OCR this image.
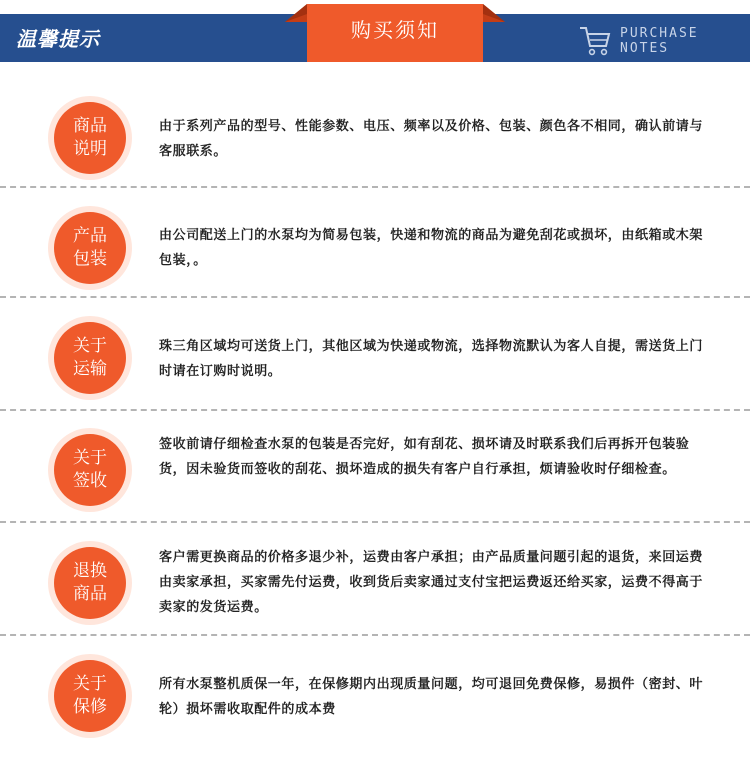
温馨提示	购买须知	PURCHASE
NOTES
商品
说明
由于系列产品的型号、性能参数、电压、频率以及价格、包装、颜色各不相同，确认前请与客服联系。
产品
包装
由公司配送上门的水泵均为简易包装，快递和物流的商品为避免刮花或损坏，由纸箱或木架包装，。
关于
运输
珠三角区域均可送货上门，其他区域为快递或物流，选择物流默认为客人自提，需送货上门时请在订购时说明。
关于
签收
签收前请仔细检查水泵的包装是否完好，如有刮花、损坏请及时联系我们后再拆开包装验货，因未验货而签收的刮花、损坏造成的损失有客户自行承担，烦请验收时仔细检查。
退换
商品
客户需更换商品的价格多退少补，运费由客户承担；由产品质量问题引起的退货，来回运费由卖家承担，买家需先付运费，收到货后卖家通过支付宝把运费返还给买家，运费不得高于卖家的发货运费。
关于
保修
所有水泵整机质保一年，在保修期内出现质量问题，均可退回免费保修，易损件（密封、叶轮）损坏需收取配件的成本费
